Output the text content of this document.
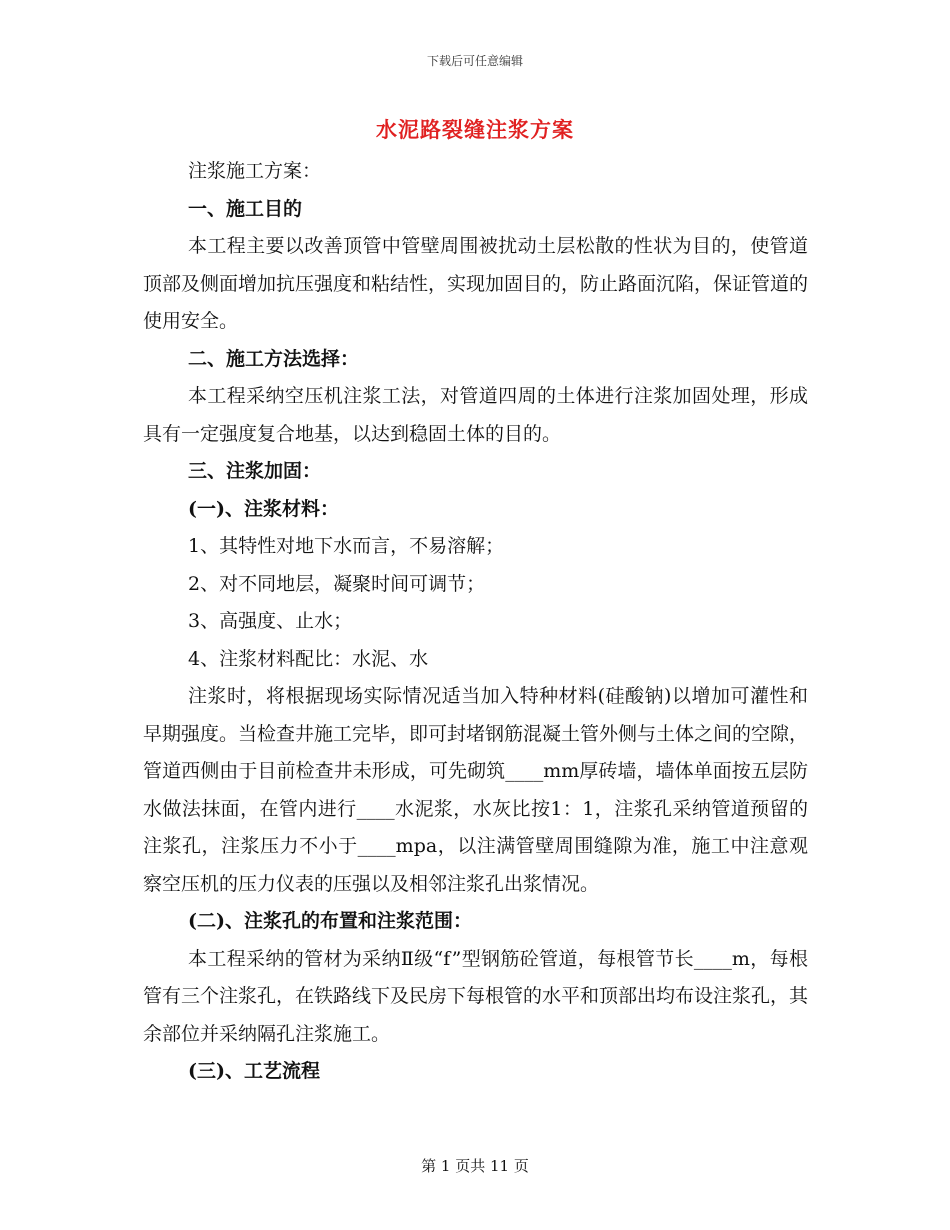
下载后可任意编辑
水泥路裂缝注浆方案

注浆施工方案：

一、施工目的

本工程主要以改善顶管中管壁周围被扰动土层松散的性状为目的，使管道顶部及侧面增加抗压强度和粘结性，实现加固目的，防止路面沉陷，保证管道的使用安全。

二、施工方法选择：

本工程采纳空压机注浆工法，对管道四周的土体进行注浆加固处理，形成具有一定强度复合地基，以达到稳固土体的目的。

三、注浆加固：

(一)、注浆材料：

1、其特性对地下水而言，不易溶解；

2、对不同地层，凝聚时间可调节；

3、高强度、止水；

4、注浆材料配比：水泥、水

注浆时，将根据现场实际情况适当加入特种材料(硅酸钠)以增加可灌性和早期强度。当检查井施工完毕，即可封堵钢筋混凝土管外侧与土体之间的空隙，管道西侧由于目前检查井未形成，可先砌筑____mm厚砖墙，墙体单面按五层防水做法抹面，在管内进行____水泥浆，水灰比按1：1，注浆孔采纳管道预留的注浆孔，注浆压力不小于____mpa，以注满管壁周围缝隙为准，施工中注意观察空压机的压力仪表的压强以及相邻注浆孔出浆情况。

(二)、注浆孔的布置和注浆范围：

本工程采纳的管材为采纳Ⅱ级“f”型钢筋砼管道，每根管节长____m，每根管有三个注浆孔，在铁路线下及民房下每根管的水平和顶部出均布设注浆孔，其余部位并采纳隔孔注浆施工。

(三)、工艺流程

第 1 页共 11 页
